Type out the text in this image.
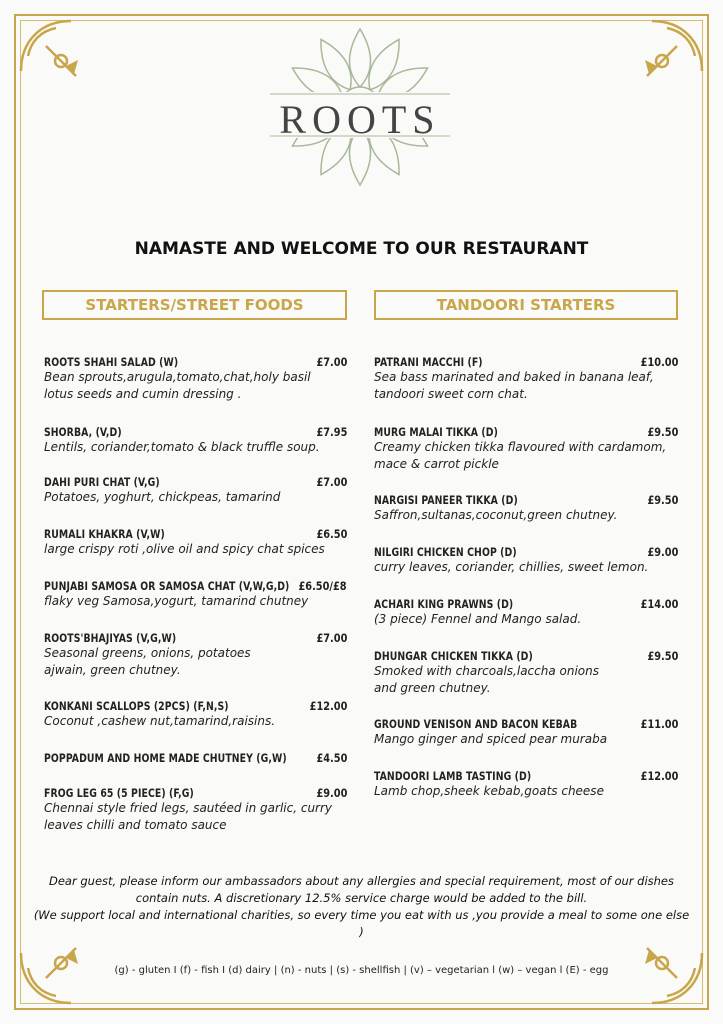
ROOTS
NAMASTE AND WELCOME TO OUR RESTAURANT
STARTERS/STREET FOODS	TANDOORI STARTERS
ROOTS SHAHI SALAD (W)	£7.00
Bean sprouts,arugula,tomato,chat,holy basil
lotus seeds and cumin dressing .
SHORBA, (V,D)	£7.95
Lentils, coriander,tomato & black truffle soup.
DAHI PURI CHAT (V,G)	£7.00
Potatoes, yoghurt, chickpeas, tamarind
RUMALI KHAKRA (V,W)	£6.50
large crispy roti ,olive oil and spicy chat spices
PUNJABI SAMOSA OR SAMOSA CHAT (V,W,G,D) £6.50/£8
flaky veg Samosa,yogurt, tamarind chutney
ROOTS'BHAJIYAS (V,G,W)	£7.00
Seasonal greens, onions, potatoes
ajwain, green chutney.
KONKANI SCALLOPS (2PCS) (F,N,S)	£12.00
Coconut ,cashew nut,tamarind,raisins.
POPPADUM AND HOME MADE CHUTNEY (G,W)	£4.50
FROG LEG 65 (5 PIECE) (F,G)	£9.00
Chennai style fried legs, sautéed in garlic, curry
leaves chilli and tomato sauce
PATRANI MACCHI (F)	£10.00
Sea bass marinated and baked in banana leaf,
tandoori sweet corn chat.
MURG MALAI TIKKA (D)	£9.50
Creamy chicken tikka flavoured with cardamom,
mace & carrot pickle
NARGISI PANEER TIKKA (D)	£9.50
Saffron,sultanas,coconut,green chutney.
NILGIRI CHICKEN CHOP (D)	£9.00
curry leaves, coriander, chillies, sweet lemon.
ACHARI KING PRAWNS (D)	£14.00
(3 piece) Fennel and Mango salad.
DHUNGAR CHICKEN TIKKA (D)	£9.50
Smoked with charcoals,laccha onions
and green chutney.
GROUND VENISON AND BACON KEBAB	£11.00
Mango ginger and spiced pear muraba
TANDOORI LAMB TASTING (D)	£12.00
Lamb chop,sheek kebab,goats cheese
Dear guest, please inform our ambassadors about any allergies and special requirement, most of our dishes
contain nuts. A discretionary 12.5% service charge would be added to the bill.
(We support local and international charities, so every time you eat with us ,you provide a meal to some one else )
(g) - gluten I (f) - fish I (d) dairy | (n) - nuts | (s) - shellfish | (v) – vegetarian l (w) – vegan l (E) - egg
